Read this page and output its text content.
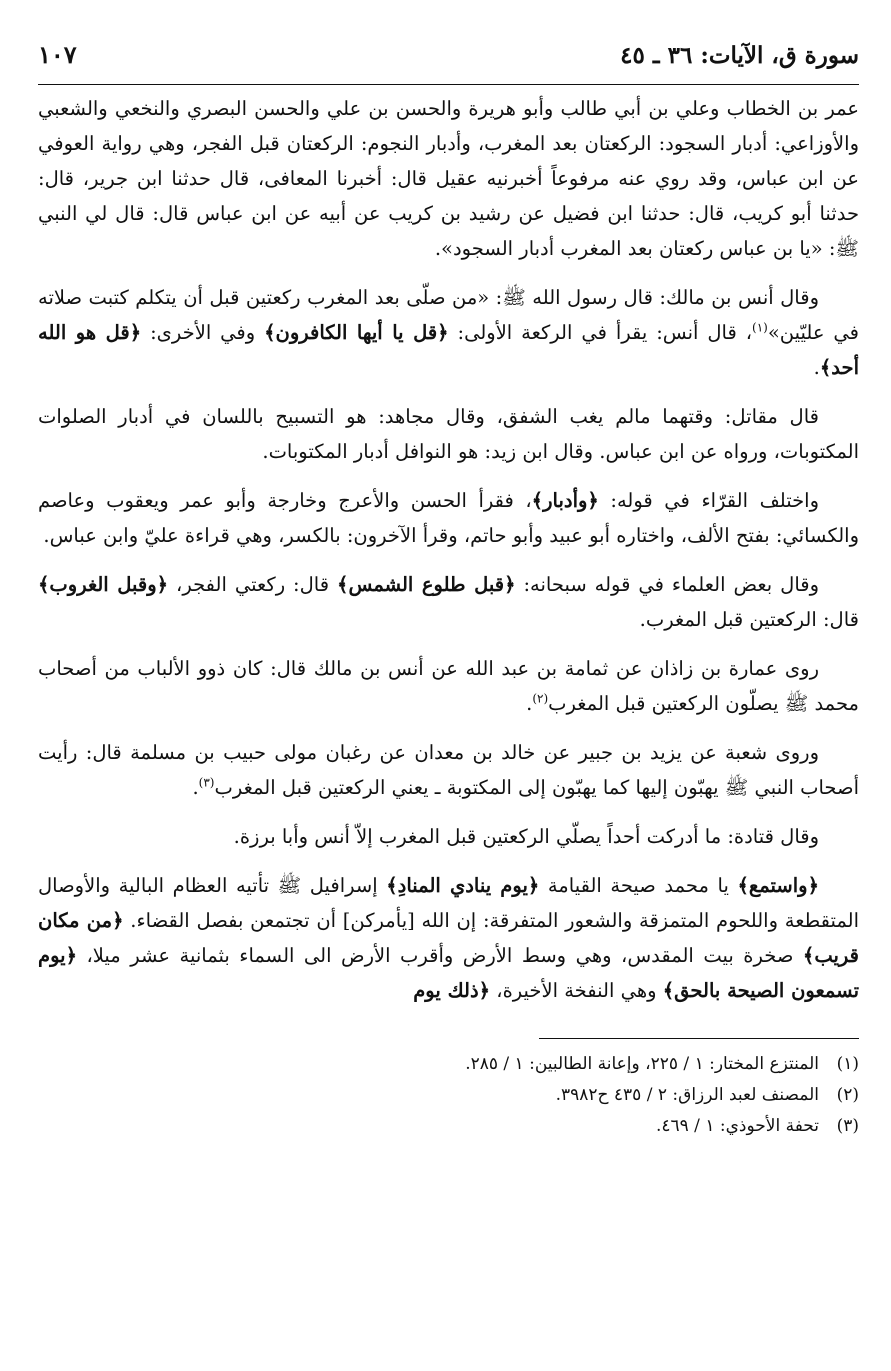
سورة ق، الآيات: ٣٦ ـ ٤٥
١٠٧

عمر بن الخطاب وعلي بن أبي طالب وأبو هريرة والحسن بن علي والحسن البصري والنخعي والشعبي والأوزاعي: أدبار السجود: الركعتان بعد المغرب، وأدبار النجوم: الركعتان قبل الفجر، وهي رواية العوفي عن ابن عباس، وقد روي عنه مرفوعاً أخبرنيه عقيل قال: أخبرنا المعافى، قال حدثنا ابن جرير، قال: حدثنا أبو كريب، قال: حدثنا ابن فضيل عن رشيد بن كريب عن أبيه عن ابن عباس قال: قال لي النبي ﷺ: «يا بن عباس ركعتان بعد المغرب أدبار السجود».

وقال أنس بن مالك: قال رسول الله ﷺ: «من صلّى بعد المغرب ركعتين قبل أن يتكلم كتبت صلاته في عليّين»$^{(١)}$، قال أنس: يقرأ في الركعة الأولى: ﴿قل يا أيها الكافرون﴾ وفي الأخرى: ﴿قل هو الله أحد﴾.

قال مقاتل: وقتهما مالم يغب الشفق، وقال مجاهد: هو التسبيح باللسان في أدبار الصلوات المكتوبات، ورواه عن ابن عباس. وقال ابن زيد: هو النوافل أدبار المكتوبات.

واختلف القرّاء في قوله: ﴿وأدبار﴾، فقرأ الحسن والأعرج وخارجة وأبو عمر ويعقوب وعاصم والكسائي: بفتح الألف، واختاره أبو عبيد وأبو حاتم، وقرأ الآخرون: بالكسر، وهي قراءة عليّ وابن عباس.

وقال بعض العلماء في قوله سبحانه: ﴿قبل طلوع الشمس﴾ قال: ركعتي الفجر، ﴿وقبل الغروب﴾ قال: الركعتين قبل المغرب.

روى عمارة بن زاذان عن ثمامة بن عبد الله عن أنس بن مالك قال: كان ذوو الألباب من أصحاب محمد ﷺ يصلّون الركعتين قبل المغرب$^{(٢)}$.

وروى شعبة عن يزيد بن جبير عن خالد بن معدان عن رغبان مولى حبيب بن مسلمة قال: رأيت أصحاب النبي ﷺ يهبّون إليها كما يهبّون إلى المكتوبة ـ يعني الركعتين قبل المغرب$^{(٣)}$.

وقال قتادة: ما أدركت أحداً يصلّي الركعتين قبل المغرب إلاّ أنس وأبا برزة.

﴿واستمع﴾ يا محمد صيحة القيامة ﴿يوم ينادي المنادِ﴾ إسرافيل ﷺ تأتيه العظام البالية والأوصال المتقطعة واللحوم المتمزقة والشعور المتفرقة: إن الله [يأمركن] أن تجتمعن بفصل القضاء. ﴿من مكان قريب﴾ صخرة بيت المقدس، وهي وسط الأرض وأقرب الأرض الى السماء بثمانية عشر ميلا، ﴿يوم تسمعون الصيحة بالحق﴾ وهي النفخة الأخيرة، ﴿ذلك يوم

(١)
المنتزع المختار: ١ / ٢٢٥، وإعانة الطالبين: ١ / ٢٨٥.
(٢)
المصنف لعبد الرزاق: ٢ / ٤٣٥ ح٣٩٨٢.
(٣)
تحفة الأحوذي: ١ / ٤٦٩.
